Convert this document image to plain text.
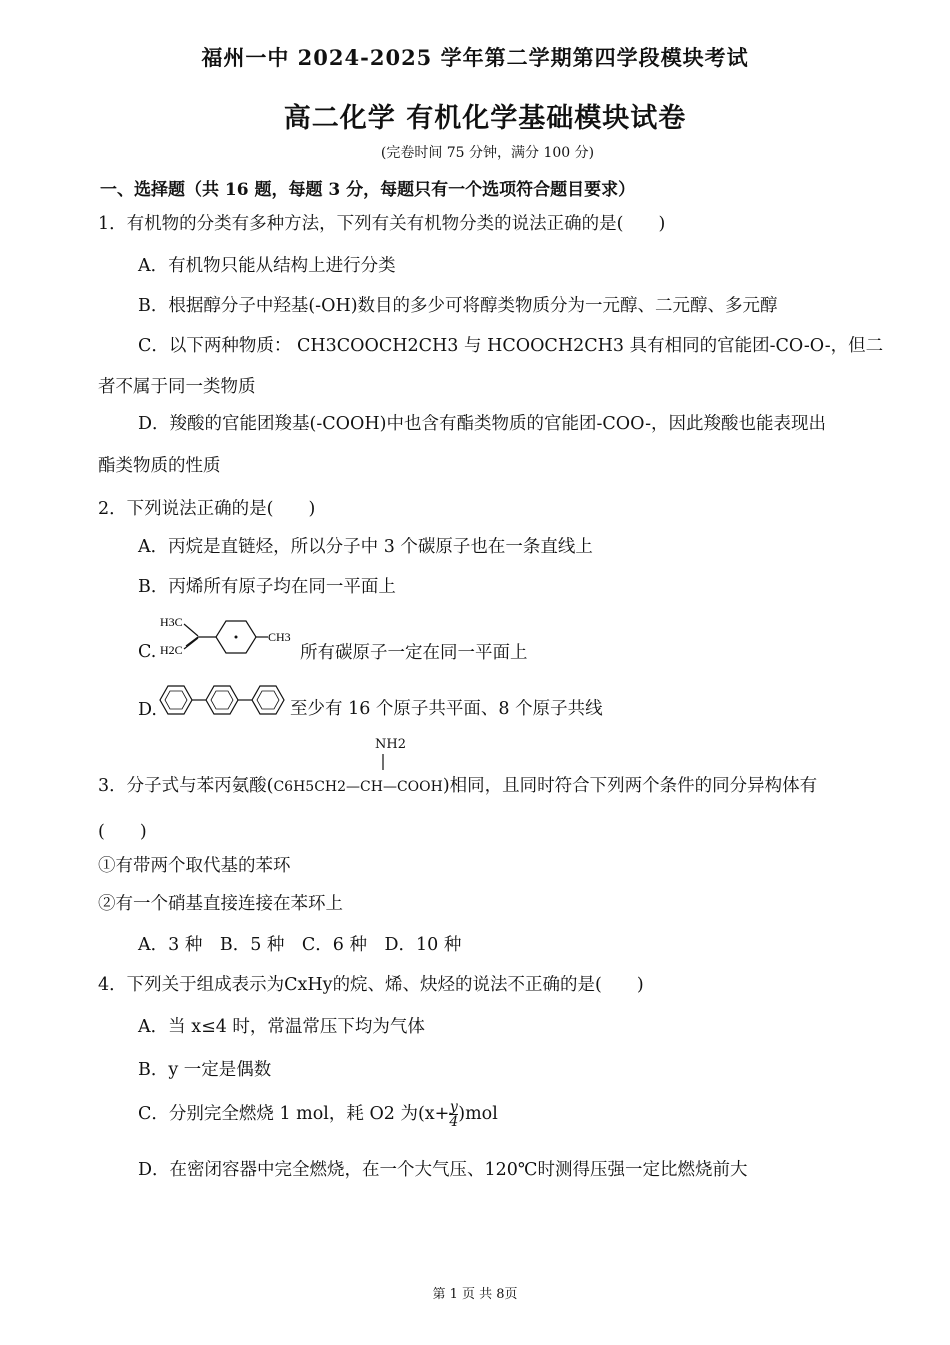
福州一中 2024-2025 学年第二学期第四学段模块考试
高二化学 有机化学基础模块试卷
(完卷时间 75 分钟，满分 100 分)
一、选择题（共 16 题，每题 3 分，每题只有一个选项符合题目要求）
1．有机物的分类有多种方法，下列有关有机物分类的说法正确的是(　　)
A．有机物只能从结构上进行分类
B．根据醇分子中羟基(-OH)数目的多少可将醇类物质分为一元醇、二元醇、多元醇
C．以下两种物质： CH3COOCH2CH3 与 HCOOCH2CH3 具有相同的官能团-CO-O-，但二
者不属于同一类物质
D．羧酸的官能团羧基(-COOH)中也含有酯类物质的官能团-COO-，因此羧酸也能表现出
酯类物质的性质
2．下列说法正确的是(　　)
A．丙烷是直链烃，所以分子中 3 个碳原子也在一条直线上
B．丙烯所有原子均在同一平面上
C.
H3C
H2C
CH3
所有碳原子一定在同一平面上
D.	至少有 16 个原子共平面、8 个原子共线
NH2
3．分子式与苯丙氨酸(C6H5CH2—CH—COOH)相同，且同时符合下列两个条件的同分异构体有
(　　)
①有带两个取代基的苯环
②有一个硝基直接连接在苯环上
A．3 种　B．5 种　C．6 种　D．10 种
4．下列关于组成表示为CxHy的烷、烯、炔烃的说法不正确的是(　　)
A．当 x≤4 时，常温常压下均为气体
B．y 一定是偶数
C．分别完全燃烧 1 mol，耗 O2 为$(x+ \frac{y}{4} )mol$
D．在密闭容器中完全燃烧，在一个大气压、120℃时测得压强一定比燃烧前大
第 1 页 共 8页
